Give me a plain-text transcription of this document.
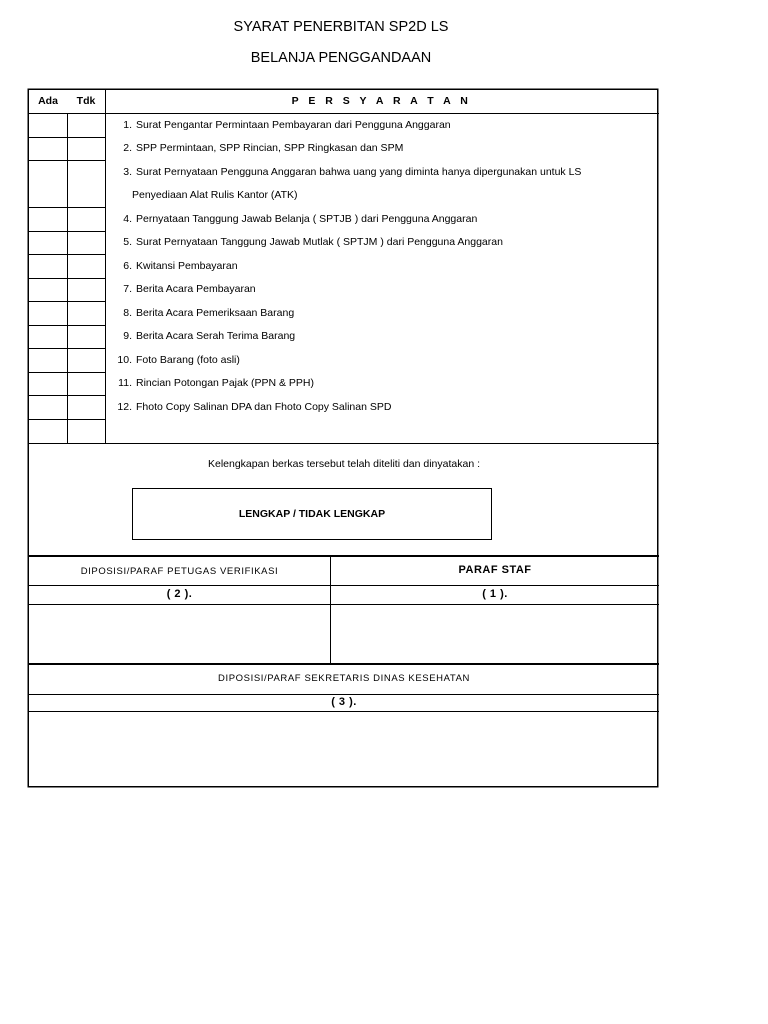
SYARAT PENERBITAN SP2D LS
BELANJA PENGGANDAAN
Ada	Tdk	P E R S Y A R A T A N
1 . Surat Pengantar Permintaan Pembayaran dari Pengguna Anggaran
2 . SPP Permintaan, SPP Rincian, SPP Ringkasan dan SPM
3 . Surat Pernyataan Pengguna Anggaran bahwa uang yang diminta hanya dipergunakan untuk LS
Penyediaan Alat Rulis Kantor (ATK)
4 . Pernyataan Tanggung Jawab Belanja ( SPTJB ) dari Pengguna Anggaran
5 . Surat Pernyataan Tanggung Jawab Mutlak ( SPTJM ) dari Pengguna Anggaran
6 . Kwitansi Pembayaran
7 . Berita Acara Pembayaran
8 . Berita Acara Pemeriksaan Barang
9 . Berita Acara Serah Terima Barang
10 . Foto Barang (foto asli)
11 . Rincian Potongan Pajak (PPN & PPH)
12 . Fhoto Copy Salinan DPA dan Fhoto Copy Salinan SPD
Kelengkapan berkas tersebut telah diteliti dan dinyatakan :
LENGKAP / TIDAK LENGKAP
DIPOSISI/PARAF PETUGAS VERIFIKASI	PARAF STAF
( 2 ).	( 1 ).
DIPOSISI/PARAF SEKRETARIS DINAS KESEHATAN
( 3 ).
